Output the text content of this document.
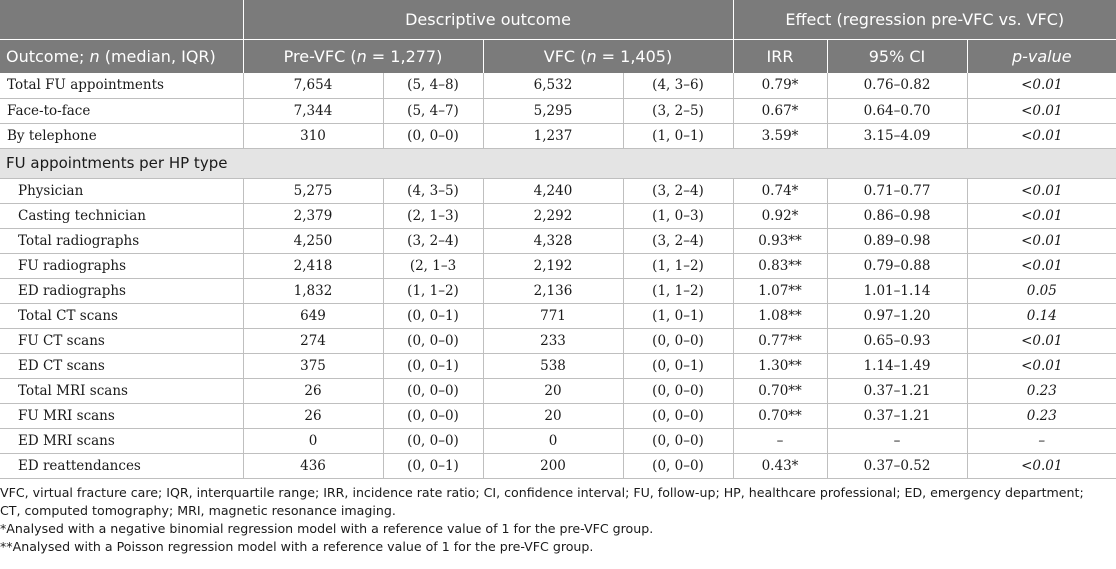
	Descriptive outcome				Effect (regression pre-VFC vs. VFC)		
Outcome; n (median, IQR)	Pre-VFC (n = 1,277)		VFC (n = 1,405)		IRR	95% CI	p-value
Total FU appointments	7,654	(5, 4–8)	6,532	(4, 3–6)	0.79*	0.76–0.82	<0.01
Face-to-face	7,344	(5, 4–7)	5,295	(3, 2–5)	0.67*	0.64–0.70	<0.01
By telephone	310	(0, 0–0)	1,237	(1, 0–1)	3.59*	3.15–4.09	<0.01
FU appointments per HP type							
Physician	5,275	(4, 3–5)	4,240	(3, 2–4)	0.74*	0.71–0.77	<0.01
Casting technician	2,379	(2, 1–3)	2,292	(1, 0–3)	0.92*	0.86–0.98	<0.01
Total radiographs	4,250	(3, 2–4)	4,328	(3, 2–4)	0.93**	0.89–0.98	<0.01
FU radiographs	2,418	(2, 1–3	2,192	(1, 1–2)	0.83**	0.79–0.88	<0.01
ED radiographs	1,832	(1, 1–2)	2,136	(1, 1–2)	1.07**	1.01–1.14	0.05
Total CT scans	649	(0, 0–1)	771	(1, 0–1)	1.08**	0.97–1.20	0.14
FU CT scans	274	(0, 0–0)	233	(0, 0–0)	0.77**	0.65–0.93	<0.01
ED CT scans	375	(0, 0–1)	538	(0, 0–1)	1.30**	1.14–1.49	<0.01
Total MRI scans	26	(0, 0–0)	20	(0, 0–0)	0.70**	0.37–1.21	0.23
FU MRI scans	26	(0, 0–0)	20	(0, 0–0)	0.70**	0.37–1.21	0.23
ED MRI scans	0	(0, 0–0)	0	(0, 0–0)	–	–	–
ED reattendances	436	(0, 0–1)	200	(0, 0–0)	0.43*	0.37–0.52	<0.01
VFC, virtual fracture care; IQR, interquartile range; IRR, incidence rate ratio; CI, confidence interval; FU, follow-up; HP, healthcare professional; ED, emergency department;
CT, computed tomography; MRI, magnetic resonance imaging.
*Analysed with a negative binomial regression model with a reference value of 1 for the pre-VFC group.
**Analysed with a Poisson regression model with a reference value of 1 for the pre-VFC group.
